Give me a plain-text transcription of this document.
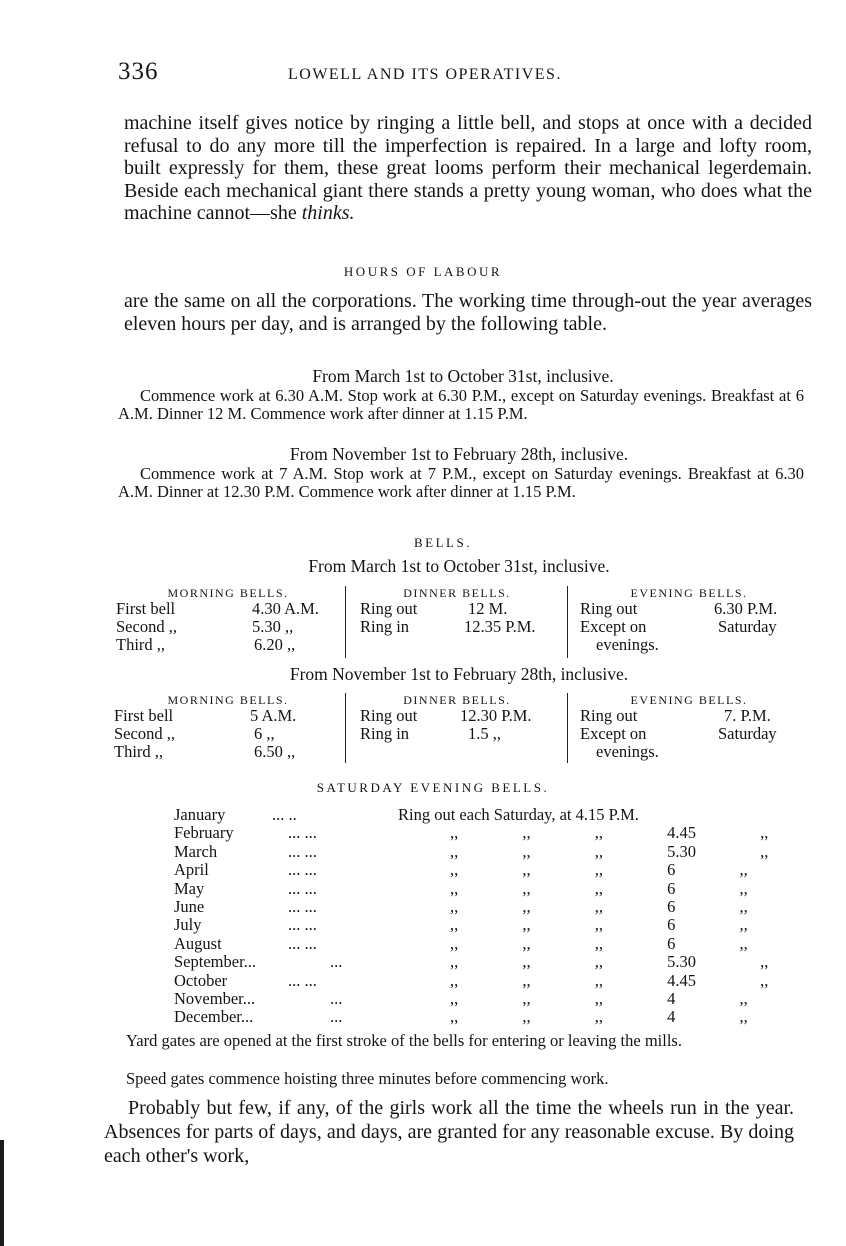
336	LOWELL AND ITS OPERATIVES.

machine itself gives notice by ringing a little bell, and stops at once with a decided refusal to do any more till the imperfection is repaired. In a large and lofty room, built expressly for them, these great looms perform their mechanical legerdemain. Beside each mechanical giant there stands a pretty young woman, who does what the machine cannot—she thinks.

HOURS OF LABOUR

are the same on all the corporations. The working time through-out the year averages eleven hours per day, and is arranged by the following table.

From March 1st to October 31st, inclusive.

Commence work at 6.30 A.M. Stop work at 6.30 P.M., except on Saturday evenings. Breakfast at 6 A.M. Dinner 12 M. Commence work after dinner at 1.15 P.M.

From November 1st to February 28th, inclusive.

Commence work at 7 A.M. Stop work at 7 P.M., except on Saturday evenings. Breakfast at 6.30 A.M. Dinner at 12.30 P.M. Commence work after dinner at 1.15 P.M.

BELLS.
From March 1st to October 31st, inclusive.
MORNING BELLS.
First bell	4.30 A.M.
Second ,,	5.30 ,,
Third ,,	6.20 ,,
DINNER BELLS.
Ring out	12 M.
Ring in	12.35 P.M.
EVENING BELLS.
Ring out	6.30 P.M.
Except on	Saturday
evenings.
From November 1st to February 28th, inclusive.
MORNING BELLS.
First bell	5 A.M.
Second ,,	6 ,,
Third ,,	6.50 ,,
DINNER BELLS.
Ring out	12.30 P.M.
Ring in	1.5 ,,
EVENING BELLS.
Ring out	7. P.M.
Except on	Saturday
evenings.
SATURDAY EVENING BELLS.
January	... ..	Ring out each Saturday, at 4.15 P.M.
February	... ...	,, ,, ,, 4.45 ,,
March	... ...	,, ,, ,, 5.30 ,,
April	... ...	,, ,, ,, 6 ,,
May	... ...	,, ,, ,, 6 ,,
June	... ...	,, ,, ,, 6 ,,
July	... ...	,, ,, ,, 6 ,,
August	... ...	,, ,, ,, 6 ,,
September...	...	,, ,, ,, 5.30 ,,
October	... ...	,, ,, ,, 4.45 ,,
November...	...	,, ,, ,, 4 ,,
December...	...	,, ,, ,, 4 ,,

Yard gates are opened at the first stroke of the bells for entering or leaving the mills.

Speed gates commence hoisting three minutes before commencing work.

Probably but few, if any, of the girls work all the time the wheels run in the year. Absences for parts of days, and days, are granted for any reasonable excuse. By doing each other's work,
